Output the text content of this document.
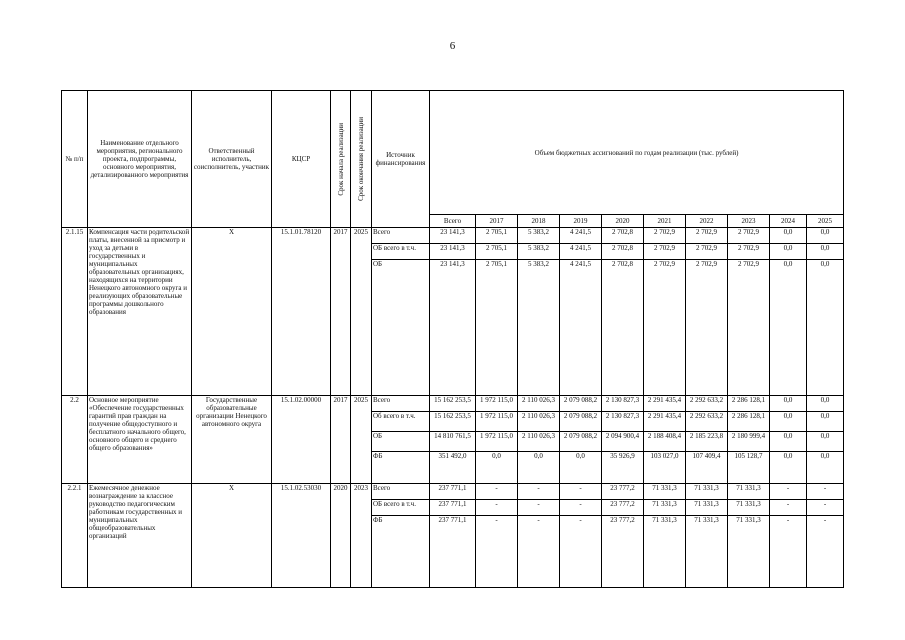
6
№ п/п	Наименование отдельного мероприятия, регионального проекта, подпрограммы, основного мероприятия, детализированного мероприятия	Ответственный исполнитель, соисполнитель, участник	КЦСР	Срок начала реализации	Срок окончания реализации	Источник финансирования	Объем бюджетных ассигнований по годам реализации (тыс. рублей)									
							Всего	2017	2018	2019	2020	2021	2022	2023	2024	2025
2.1.15	Компенсация части родительской платы, внесенной за присмотр и уход за детьми в государственных и муниципальных образовательных организациях, находящихся на территории Ненецкого автономного округа и реализующих образовательные программы дошкольного образования	Х	15.1.01.78120	2017	2025	Всего	23 141,3	2 705,1	5 383,2	4 241,5	2 702,8	2 702,9	2 702,9	2 702,9	0,0	0,0
						ОБ всего в т.ч.	23 141,3	2 705,1	5 383,2	4 241,5	2 702,8	2 702,9	2 702,9	2 702,9	0,0	0,0
						ОБ	23 141,3	2 705,1	5 383,2	4 241,5	2 702,8	2 702,9	2 702,9	2 702,9	0,0	0,0
2.2	Основное мероприятие «Обеспечение государственных гарантий прав граждан на получение общедоступного и бесплатного начального общего, основного общего и среднего общего образования»	Государственные образовательные организации Ненецкого автономного округа	15.1.02.00000	2017	2025	Всего	15 162 253,5	1 972 115,0	2 110 026,3	2 079 088,2	2 130 827,3	2 291 435,4	2 292 633,2	2 286 128,1	0,0	0,0
						Об всего в т.ч.	15 162 253,5	1 972 115,0	2 110 026,3	2 079 088,2	2 130 827,3	2 291 435,4	2 292 633,2	2 286 128,1	0,0	0,0
						ОБ	14 810 761,5	1 972 115,0	2 110 026,3	2 079 088,2	2 094 900,4	2 188 408,4	2 185 223,8	2 180 999,4	0,0	0,0
						ФБ	351 492,0	0,0	0,0	0,0	35 926,9	103 027,0	107 409,4	105 128,7	0,0	0,0
2.2.1	Ежемесячное денежное вознаграждение за классное руководство педагогическим работникам государственных и муниципальных общеобразовательных организаций	Х	15.1.02.53030	2020	2023	Всего	237 771,1	-	-	-	23 777,2	71 331,3	71 331,3	71 331,3	-	-
						ОБ всего в т.ч.	237 771,1	-	-	-	23 777,2	71 331,3	71 331,3	71 331,3	-	-
						ФБ	237 771,1	-	-	-	23 777,2	71 331,3	71 331,3	71 331,3	-	-
